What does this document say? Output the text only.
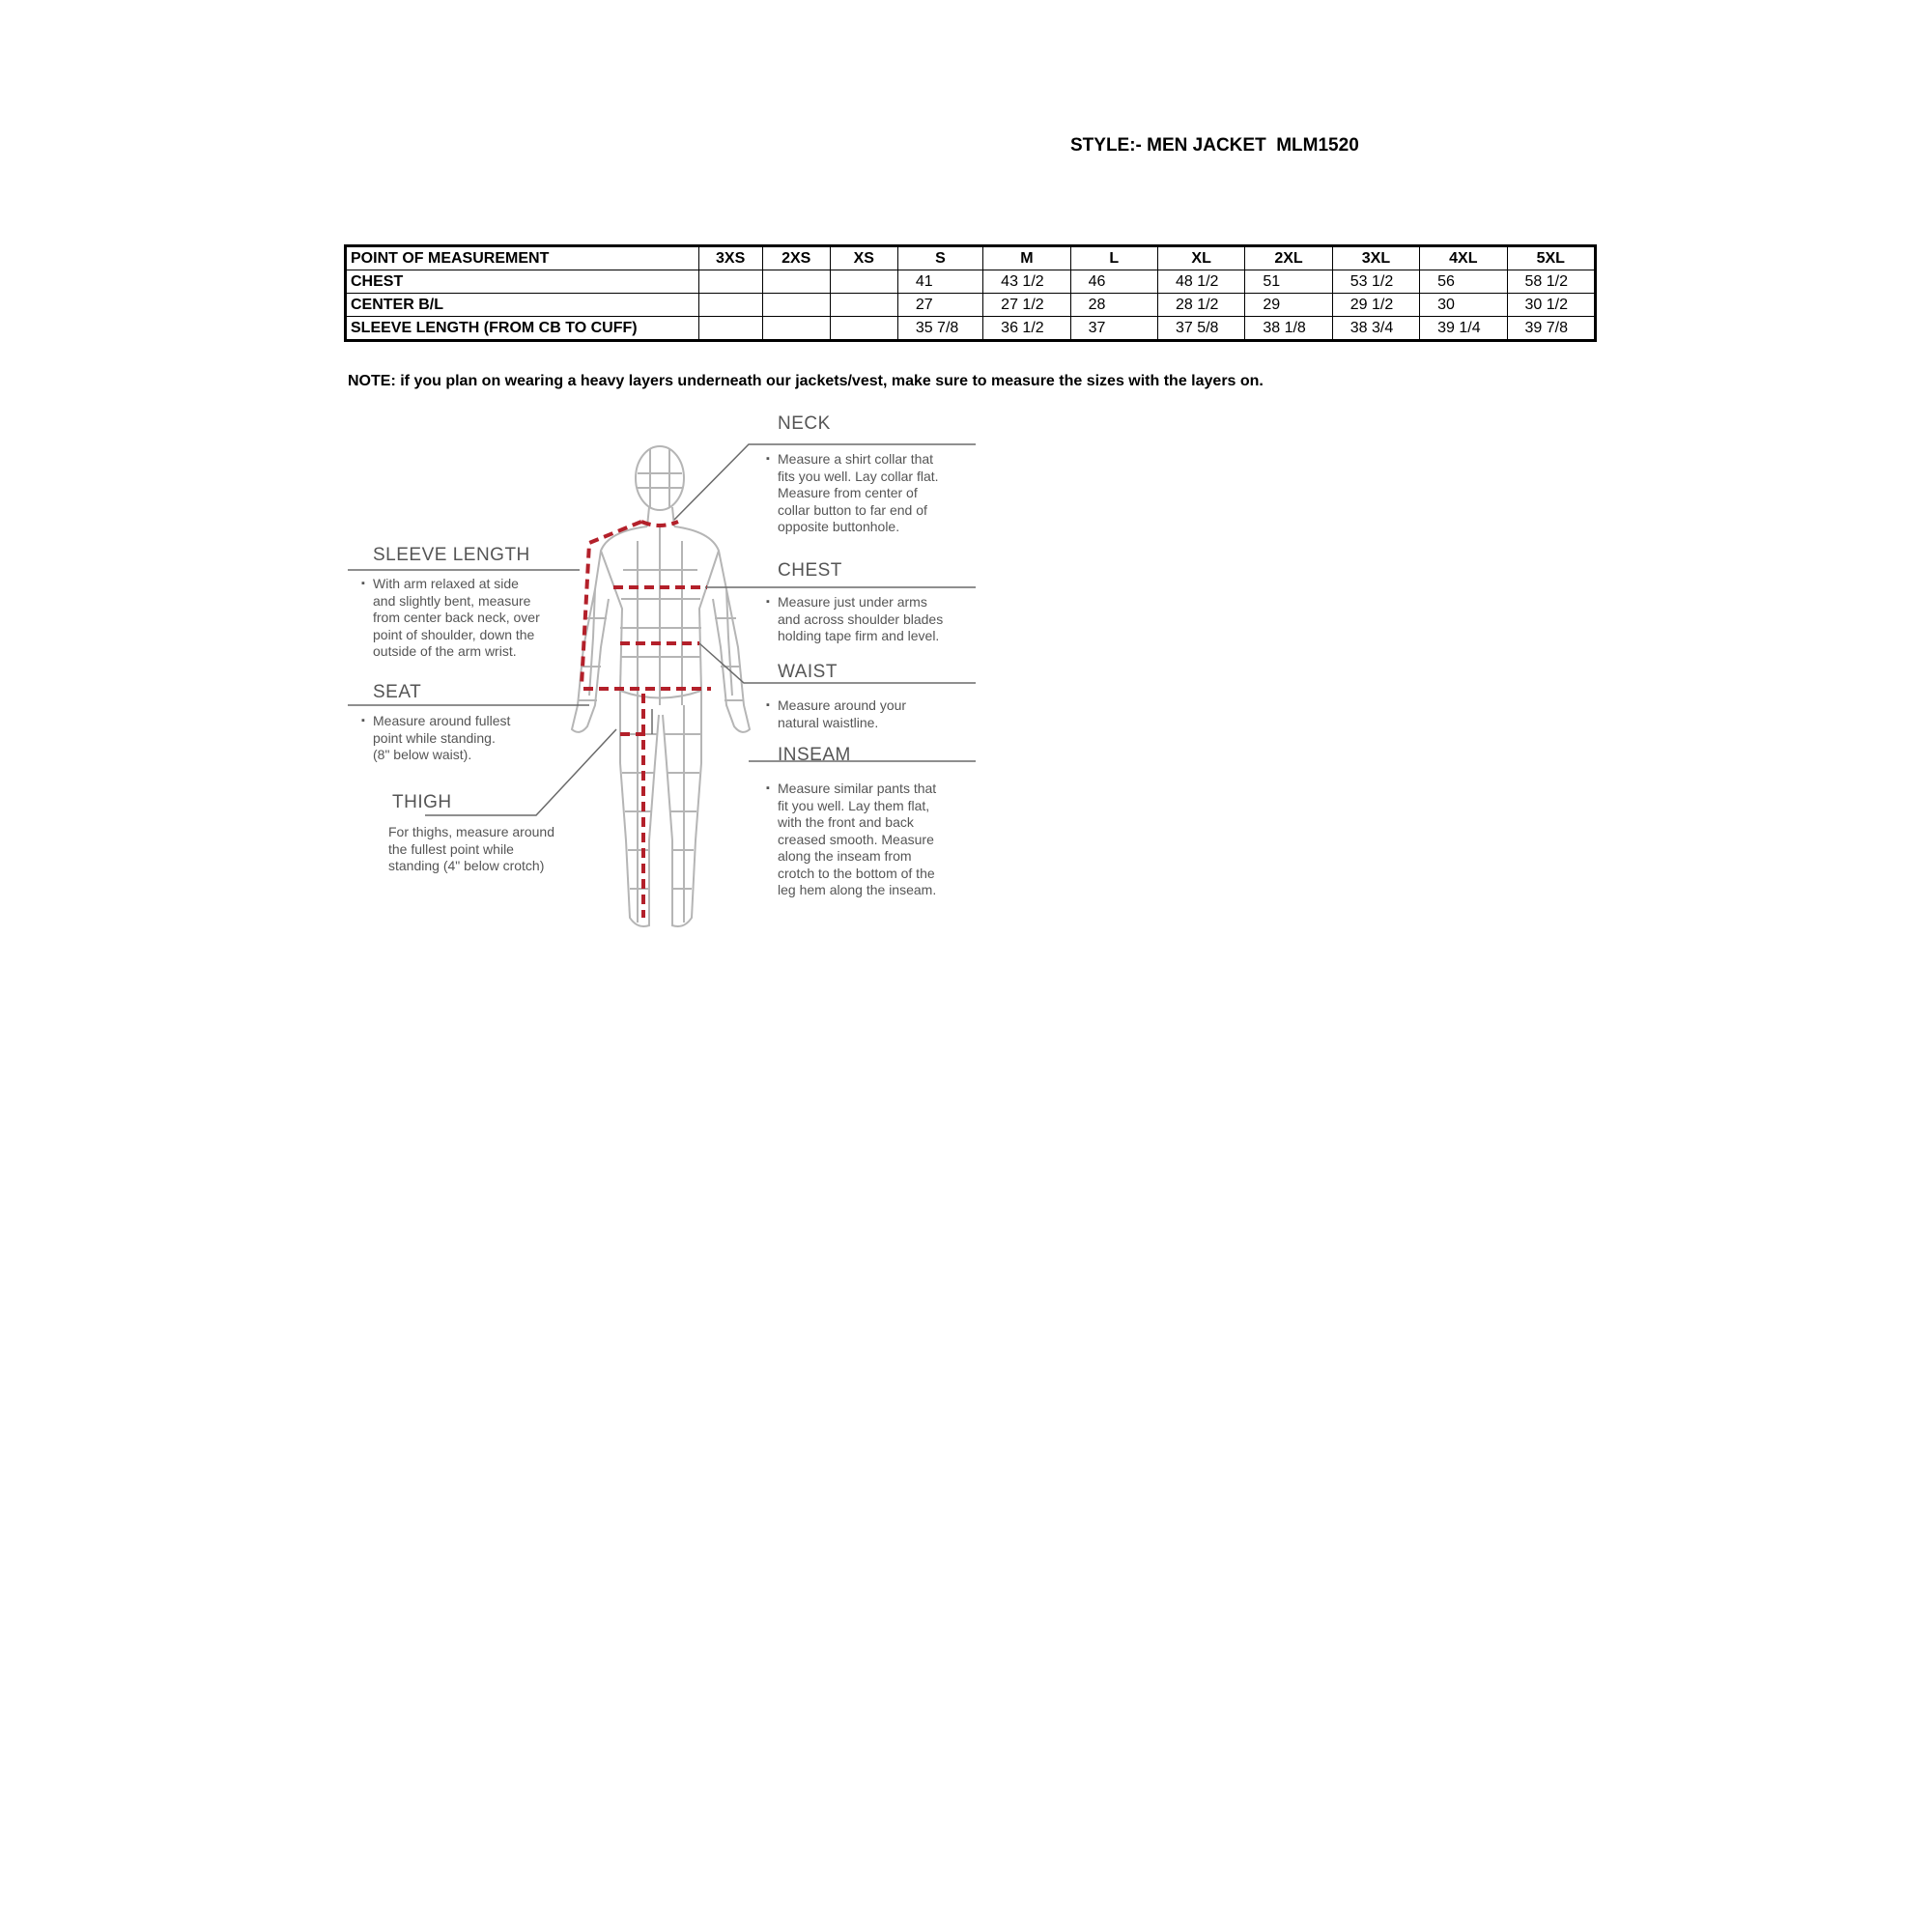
STYLE:- MEN JACKET  MLM1520
POINT OF MEASUREMENT	3XS	2XS	XS	S	M	L	XL	2XL	3XL	4XL	5XL
CHEST				41	43 1/2	46	48 1/2	51	53 1/2	56	58 1/2
CENTER B/L				27	27 1/2	28	28 1/2	29	29 1/2	30	30 1/2
SLEEVE LENGTH (FROM CB TO CUFF)				35 7/8	36 1/2	37	37 5/8	38 1/8	38 3/4	39 1/4	39 7/8
NOTE: if you plan on wearing a heavy layers underneath our jackets/vest, make sure to measure the sizes with the layers on.
NECK
▪ Measure a shirt collar that
fits you well. Lay collar flat.
Measure from center of
collar button to far end of
opposite buttonhole.
CHEST
▪ Measure just under arms
and across shoulder blades
holding tape firm and level.
WAIST
▪ Measure around your
natural waistline.
INSEAM
▪ Measure similar pants that
fit you well. Lay them flat,
with the front and back
creased smooth. Measure
along the inseam from
crotch to the bottom of the
leg hem along the inseam.
SLEEVE LENGTH
▪ With arm relaxed at side
and slightly bent, measure
from center back neck, over
point of shoulder, down the
outside of the arm wrist.
SEAT
▪ Measure around fullest
point while standing.
(8" below waist).
THIGH
For thighs, measure around
the fullest point while
standing (4" below crotch)
